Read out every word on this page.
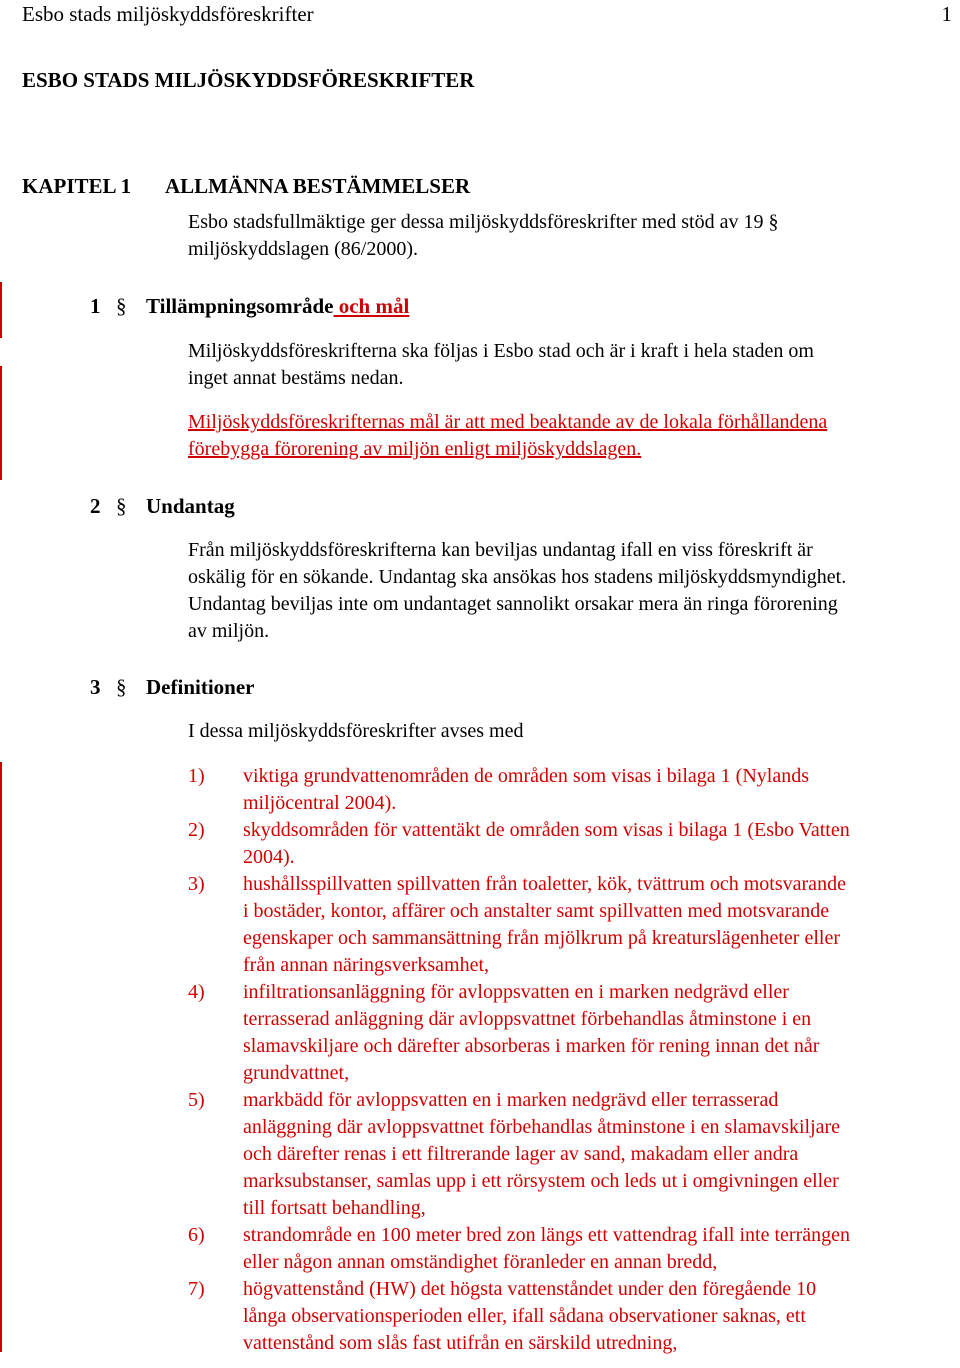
Esbo stads miljöskyddsföreskrifter	1
ESBO STADS MILJÖSKYDDSFÖRESKRIFTER
KAPITEL 1 ALLMÄNNA BESTÄMMELSER
Esbo stadsfullmäktige ger dessa miljöskyddsföreskrifter med stöd av 19 §
miljöskyddslagen (86/2000).
1 § Tillämpningsområde och mål
Miljöskyddsföreskrifterna ska följas i Esbo stad och är i kraft i hela staden om
inget annat bestäms nedan.
Miljöskyddsföreskrifternas mål är att med beaktande av de lokala förhållandena
förebygga förorening av miljön enligt miljöskyddslagen.
2 § Undantag
Från miljöskyddsföreskrifterna kan beviljas undantag ifall en viss föreskrift är
oskälig för en sökande. Undantag ska ansökas hos stadens miljöskyddsmyndighet.
Undantag beviljas inte om undantaget sannolikt orsakar mera än ringa förorening
av miljön.
3 § Definitioner
I dessa miljöskyddsföreskrifter avses med
1) viktiga grundvattenområden de områden som visas i bilaga 1 (Nylands
miljöcentral 2004).
2) skyddsområden för vattentäkt de områden som visas i bilaga 1 (Esbo Vatten
2004).
3) hushållsspillvatten spillvatten från toaletter, kök, tvättrum och motsvarande
i bostäder, kontor, affärer och anstalter samt spillvatten med motsvarande
egenskaper och sammansättning från mjölkrum på kreaturslägenheter eller
från annan näringsverksamhet,
4) infiltrationsanläggning för avloppsvatten en i marken nedgrävd eller
terrasserad anläggning där avloppsvattnet förbehandlas åtminstone i en
slamavskiljare och därefter absorberas i marken för rening innan det når
grundvattnet,
5) markbädd för avloppsvatten en i marken nedgrävd eller terrasserad
anläggning där avloppsvattnet förbehandlas åtminstone i en slamavskiljare
och därefter renas i ett filtrerande lager av sand, makadam eller andra
marksubstanser, samlas upp i ett rörsystem och leds ut i omgivningen eller
till fortsatt behandling,
6) strandområde en 100 meter bred zon längs ett vattendrag ifall inte terrängen
eller någon annan omständighet föranleder en annan bredd,
7) högvattenstånd (HW) det högsta vattenståndet under den föregående 10
långa observationsperioden eller, ifall sådana observationer saknas, ett
vattenstånd som slås fast utifrån en särskild utredning,
